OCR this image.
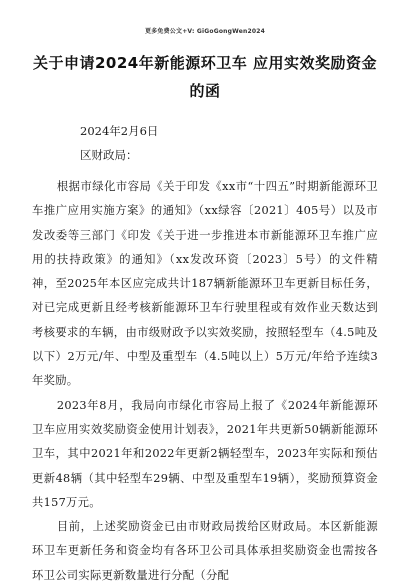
更多免费公文+V: GiGoGongWen2024
关于申请2024年新能源环卫车 应用实效奖励资金的函
2024年2月6日
区财政局：

根据市绿化市容局《关于印发《xx市“十四五”时期新能源环卫车推广应用实施方案》的通知》（xx绿容〔2021〕405号）以及市发改委等三部门《印发《关于进一步推进本市新能源环卫车推广应用的扶持政策》的通知》（xx发改环资〔2023〕5号）的文件精神，至2025年本区应完成共计187辆新能源环卫车更新目标任务，对已完成更新且经考核新能源环卫车行驶里程或有效作业天数达到考核要求的车辆，由市级财政予以实效奖励，按照轻型车（4.5吨及以下）2万元/年、中型及重型车（4.5吨以上）5万元/年给予连续3年奖励。

2023年8月，我局向市绿化市容局上报了《2024年新能源环卫车应用实效奖励资金使用计划表》，2021年共更新50辆新能源环卫车，其中2021年和2022年更新2辆轻型车，2023年实际和预估更新48辆（其中轻型车29辆、中型及重型车19辆），奖励预算资金共157万元。

目前，上述奖励资金已由市财政局拨给区财政局。本区新能源环卫车更新任务和资金均有各环卫公司具体承担奖励资金也需按各环卫公司实际更新数量进行分配（分配
